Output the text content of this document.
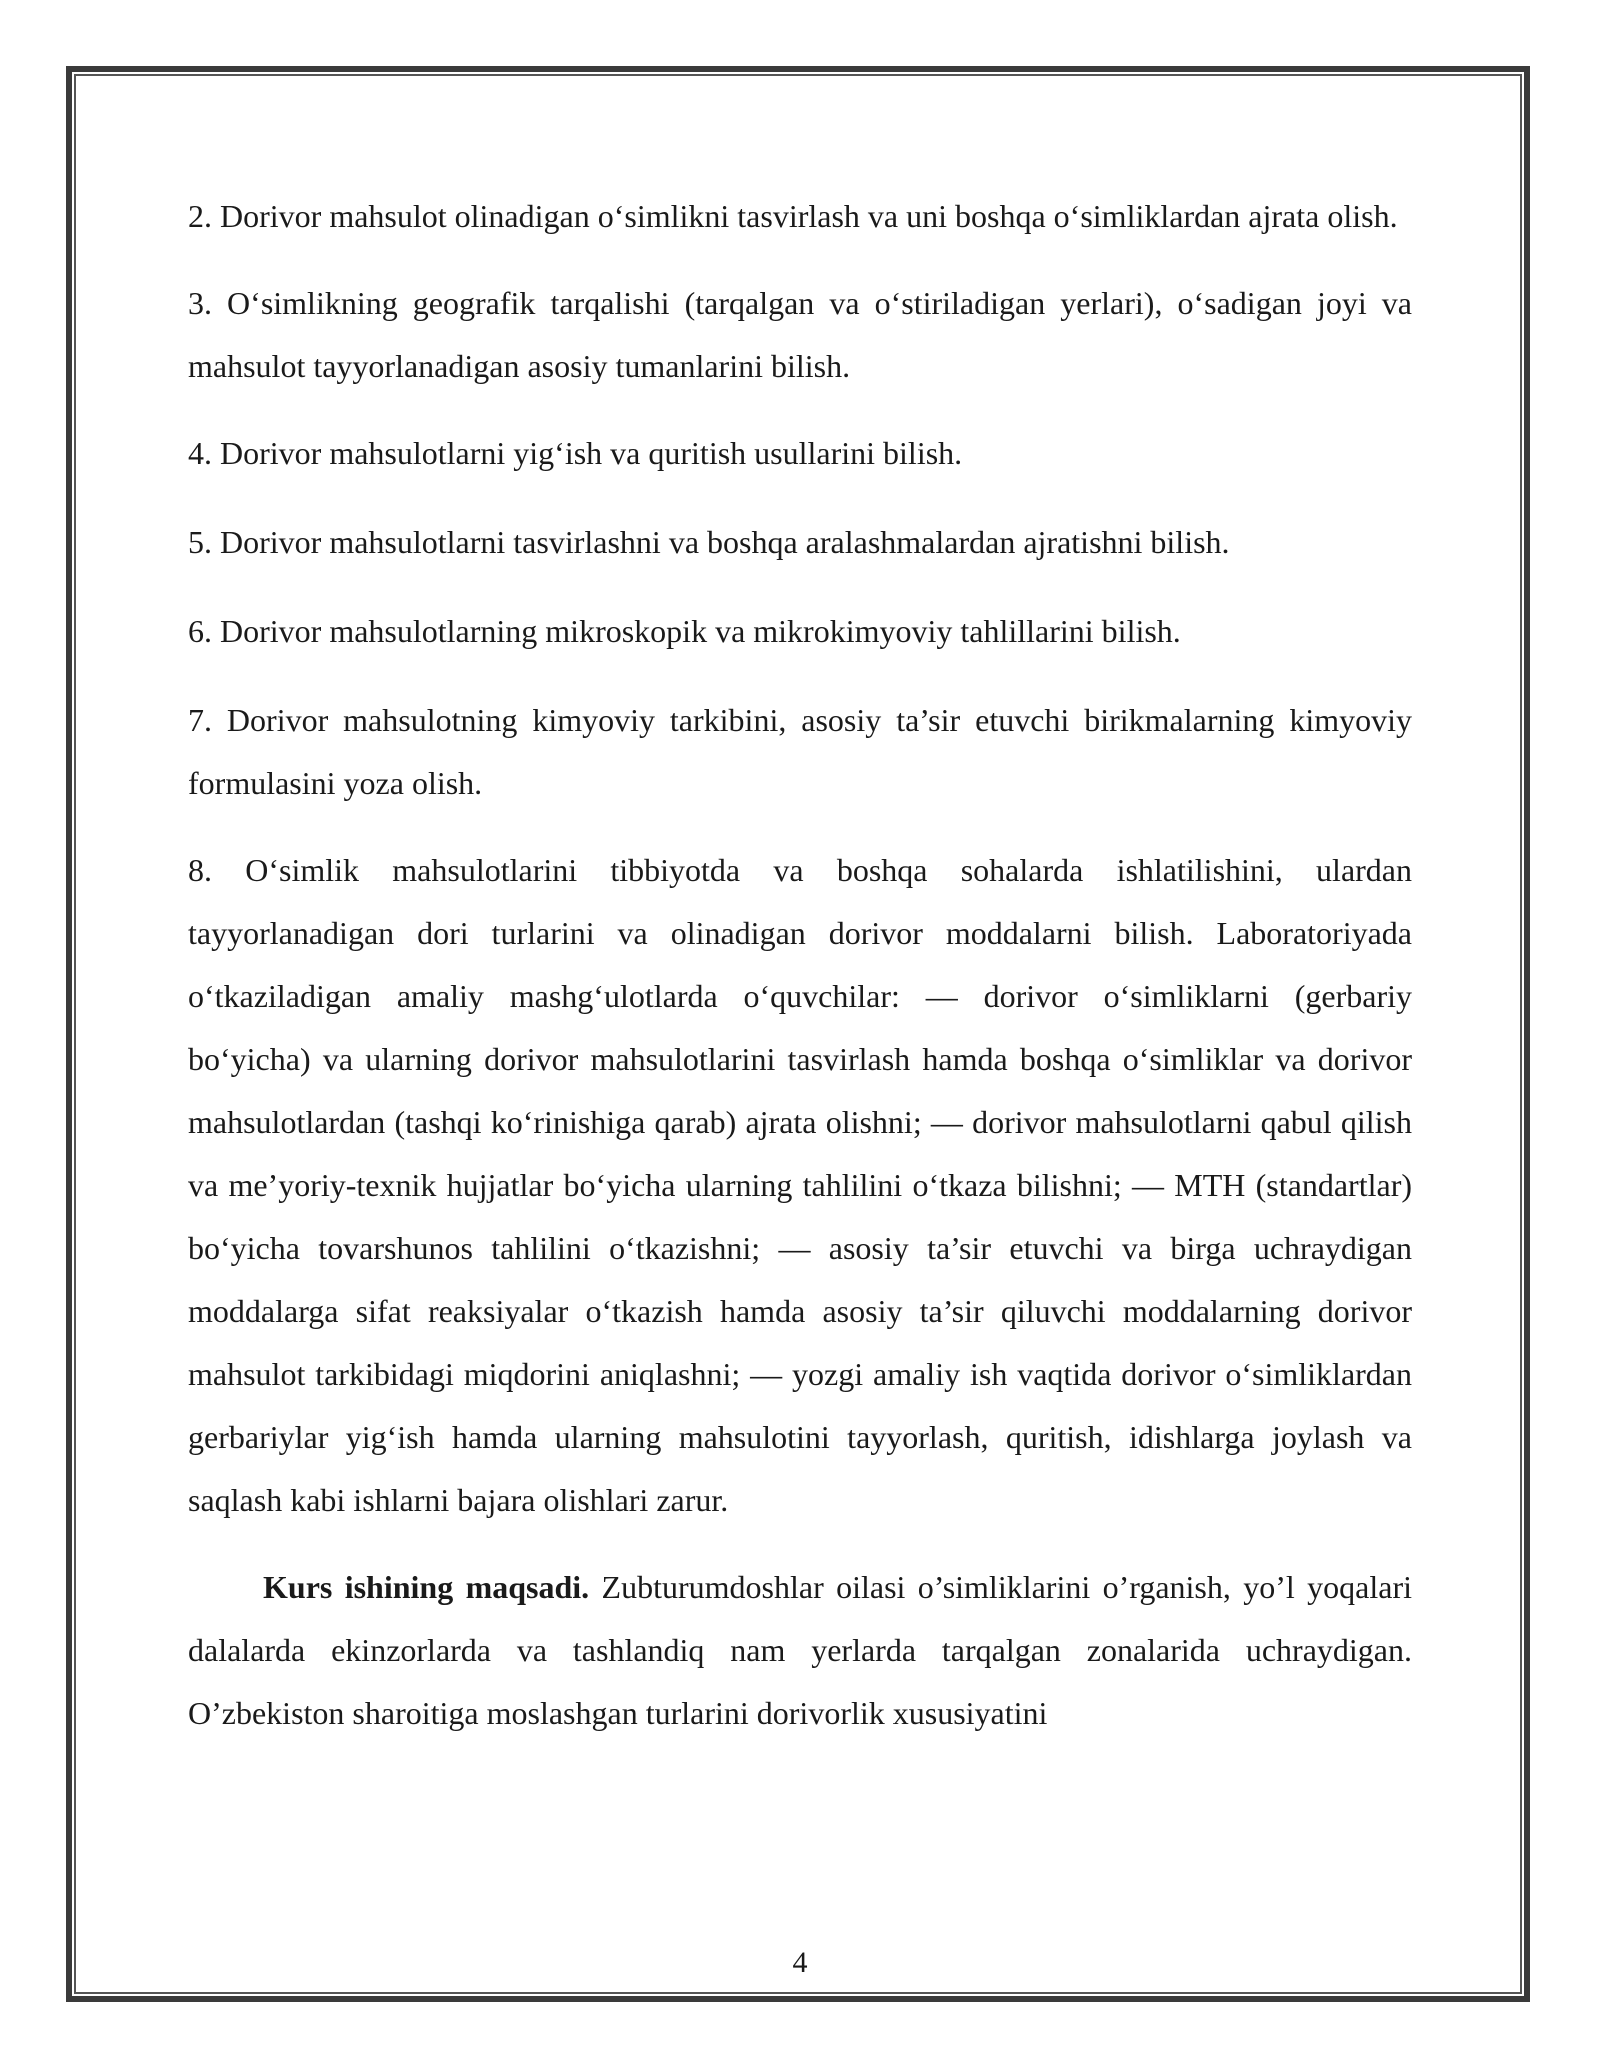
2. Dorivor mahsulot olinadigan o‘simlikni tasvirlash va uni boshqa o‘simliklardan ajrata olish.

3. O‘simlikning geografik tarqalishi (tarqalgan va o‘stiriladigan yerlari), o‘sadigan joyi va mahsulot tayyorlanadigan asosiy tumanlarini bilish.

4. Dorivor mahsulotlarni yig‘ish va quritish usullarini bilish.

5. Dorivor mahsulotlarni tasvirlashni va boshqa aralashmalardan ajratishni bilish.

6. Dorivor mahsulotlarning mikroskopik va mikrokimyoviy tahlillarini bilish.

7. Dorivor mahsulotning kimyoviy tarkibini, asosiy ta’sir etuvchi birikmalarning kimyoviy formulasini yoza olish.

8. O‘simlik mahsulotlarini tibbiyotda va boshqa sohalarda ishlatilishini, ulardan tayyorlanadigan dori turlarini va olinadigan dorivor moddalarni bilish. Laboratoriyada o‘tkaziladigan amaliy mashg‘ulotlarda o‘quvchilar: — dorivor o‘simliklarni (gerbariy bo‘yicha) va ularning dorivor mahsulotlarini tasvirlash hamda boshqa o‘simliklar va dorivor mahsulotlardan (tashqi ko‘rinishiga qarab) ajrata olishni; — dorivor mahsulotlarni qabul qilish va me’yoriy-texnik hujjatlar bo‘yicha ularning tahlilini o‘tkaza bilishni; — MTH (standartlar) bo‘yicha tovarshunos tahlilini o‘tkazishni; — asosiy ta’sir etuvchi va birga uchraydigan moddalarga sifat reaksiyalar o‘tkazish hamda asosiy ta’sir qiluvchi moddalarning dorivor mahsulot tarkibidagi miqdorini aniqlashni; — yozgi amaliy ish vaqtida dorivor o‘simliklardan gerbariylar yig‘ish hamda ularning mahsulotini tayyorlash, quritish, idishlarga joylash va saqlash kabi ishlarni bajara olishlari zarur.

Kurs ishining maqsadi. Zubturumdoshlar oilasi o’simliklarini o’rganish, yo’l yoqalari dalalarda ekinzorlarda va tashlandiq nam yerlarda tarqalgan zonalarida uchraydigan. O’zbekiston sharoitiga moslashgan turlarini dorivorlik xususiyatini

4
